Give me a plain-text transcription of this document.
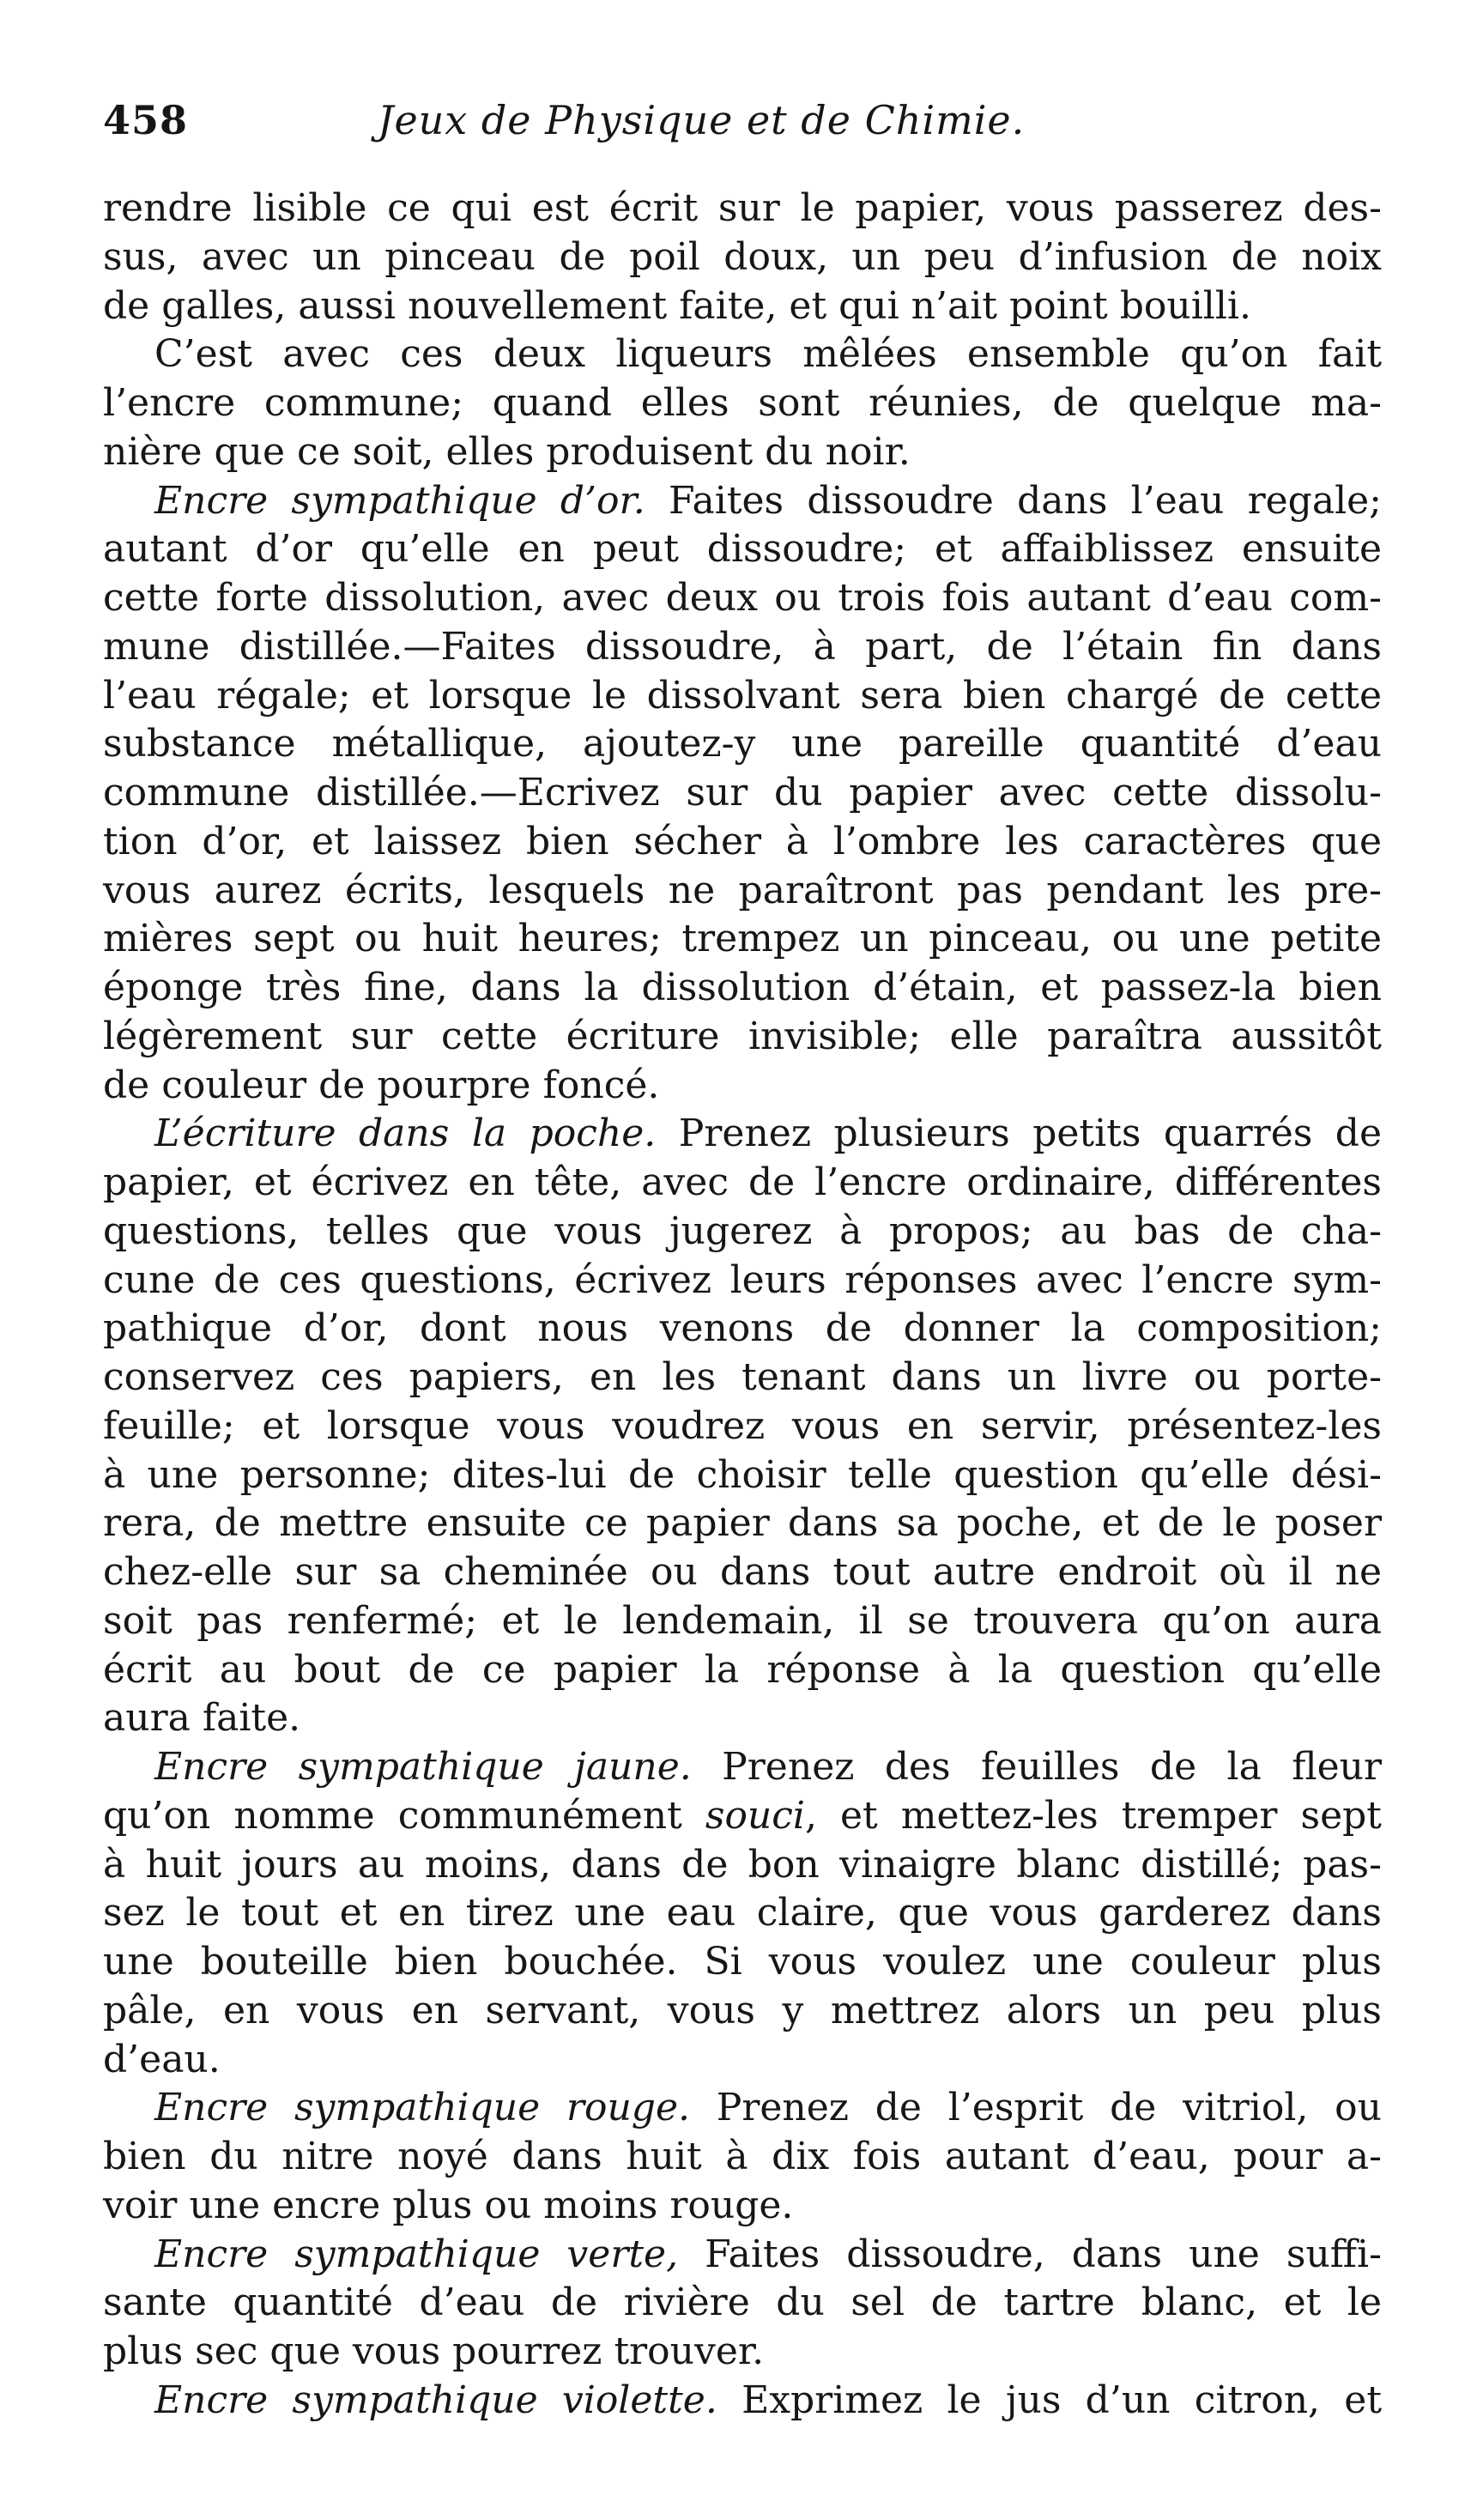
458	Jeux de Physique et de Chimie.
rendre lisible ce qui est écrit sur le papier, vous passerez des-
sus, avec un pinceau de poil doux, un peu d’infusion de noix
de galles, aussi nouvellement faite, et qui n’ait point bouilli.
C’est avec ces deux liqueurs mêlées ensemble qu’on fait
l’encre commune; quand elles sont réunies, de quelque ma-
nière que ce soit, elles produisent du noir.
Encre sympathique d’or. Faites dissoudre dans l’eau regale;
autant d’or qu’elle en peut dissoudre; et affaiblissez ensuite
cette forte dissolution, avec deux ou trois fois autant d’eau com-
mune distillée.—Faites dissoudre, à part, de l’étain fin dans
l’eau régale; et lorsque le dissolvant sera bien chargé de cette
substance métallique, ajoutez-y une pareille quantité d’eau
commune distillée.—Ecrivez sur du papier avec cette dissolu-
tion d’or, et laissez bien sécher à l’ombre les caractères que
vous aurez écrits, lesquels ne paraîtront pas pendant les pre-
mières sept ou huit heures; trempez un pinceau, ou une petite
éponge très fine, dans la dissolution d’étain, et passez-la bien
légèrement sur cette écriture invisible; elle paraîtra aussitôt
de couleur de pourpre foncé.
L’écriture dans la poche. Prenez plusieurs petits quarrés de
papier, et écrivez en tête, avec de l’encre ordinaire, différentes
questions, telles que vous jugerez à propos; au bas de cha-
cune de ces questions, écrivez leurs réponses avec l’encre sym-
pathique d’or, dont nous venons de donner la composition;
conservez ces papiers, en les tenant dans un livre ou porte-
feuille; et lorsque vous voudrez vous en servir, présentez-les
à une personne; dites-lui de choisir telle question qu’elle dési-
rera, de mettre ensuite ce papier dans sa poche, et de le poser
chez-elle sur sa cheminée ou dans tout autre endroit où il ne
soit pas renfermé; et le lendemain, il se trouvera qu’on aura
écrit au bout de ce papier la réponse à la question qu’elle
aura faite.
Encre sympathique jaune. Prenez des feuilles de la fleur
qu’on nomme communément souci, et mettez-les tremper sept
à huit jours au moins, dans de bon vinaigre blanc distillé; pas-
sez le tout et en tirez une eau claire, que vous garderez dans
une bouteille bien bouchée. Si vous voulez une couleur plus
pâle, en vous en servant, vous y mettrez alors un peu plus
d’eau.
Encre sympathique rouge. Prenez de l’esprit de vitriol, ou
bien du nitre noyé dans huit à dix fois autant d’eau, pour a-
voir une encre plus ou moins rouge.
Encre sympathique verte, Faites dissoudre, dans une suffi-
sante quantité d’eau de rivière du sel de tartre blanc, et le
plus sec que vous pourrez trouver.
Encre sympathique violette. Exprimez le jus d’un citron, et
